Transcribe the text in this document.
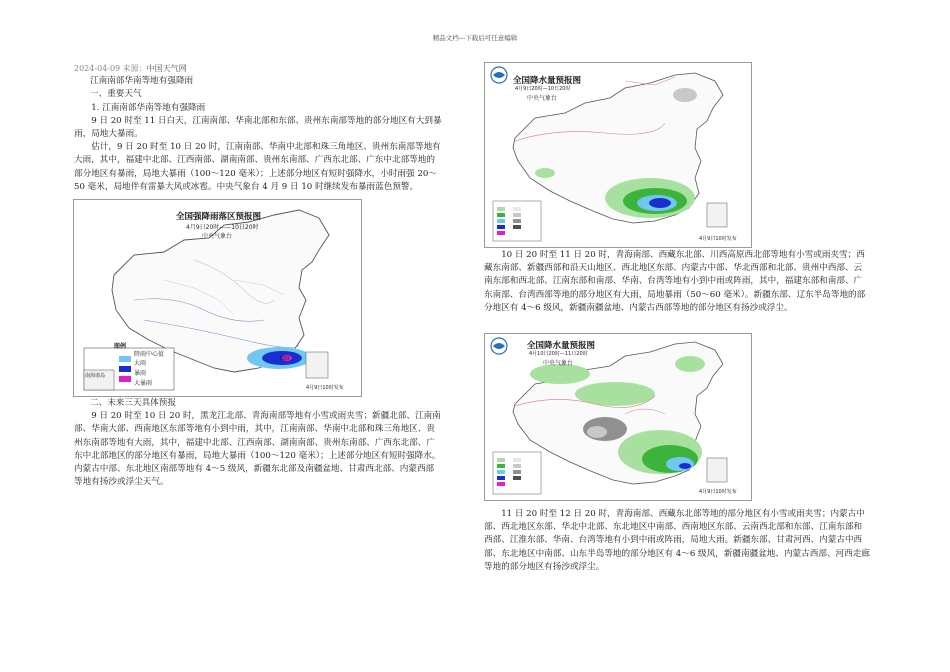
精品文档---下载后可任意编辑

2024-04-09 来源：中国天气网

江南南部华南等地有强降雨

一、重要天气

1. 江南南部华南等地有强降雨

9 日 20 时至 11 日白天，江南南部、华南北部和东部、贵州东南部等地的部分地区有大到暴雨，局地大暴雨。

估计，9 日 20 时至 10 日 20 时，江南南部、华南中北部和珠三角地区、贵州东南部等地有大雨，其中，福建中北部、江西南部、湖南南部、贵州东南部、广西东北部、广东中北部等地的部分地区有暴雨，局地大暴雨（100～120 毫米）；上述部分地区有短时强降水，小时雨强 20～50 毫米，局地伴有雷暴大风或冰雹。中央气象台 4 月 9 日 10 时继续发布暴雨蓝色预警。

100
全国强降雨落区预报图
4月9日20时——10日20时
中央气象台
图例
降雨中心值
大雨
暴雨
大暴雨
南海诸岛
4月9日10时发布

二、未来三天具体预报

9 日 20 时至 10 日 20 时，黑龙江北部、青海南部等地有小雪或雨夹雪；新疆北部、江南南部、华南大部、西南地区东部等地有小到中雨，其中，江南南部、华南中北部和珠三角地区、贵州东南部等地有大雨，其中，福建中北部、江西南部、湖南南部、贵州东南部、广西东北部、广东中北部地区的部分地区有暴雨，局地大暴雨（100～120 毫米）；上述部分地区有短时强降水。内蒙古中部、东北地区南部等地有 4～5 级风，新疆东北部及南疆盆地、甘肃西北部、内蒙西部等地有扬沙或浮尘天气。

全国降水量预报图
4月9日20时—10日20时
中央气象台
4月9日10时发布

10 日 20 时至 11 日 20 时，青海南部、西藏东北部、川西高原西北部等地有小雪或雨夹雪；西藏东南部、新疆西部和沿天山地区、西北地区东部、内蒙古中部、华北西部和北部、贵州中西部、云南东部和西北部、江南东部和南部、华南、台湾等地有小到中雨或阵雨，其中，福建东部和南部、广东南部、台湾西部等地的部分地区有大雨，局地暴雨（50～60 毫米）。新疆东部、辽东半岛等地的部分地区有 4～6 级风，新疆南疆盆地、内蒙古西部等地的部分地区有扬沙或浮尘。

全国降水量预报图
4月10日20时—11日20时
中央气象台
4月9日10时发布

11 日 20 时至 12 日 20 时，青海南部、西藏东北部等地的部分地区有小雪或雨夹雪；内蒙古中部、西北地区东部、华北中北部、东北地区中南部、西南地区东部、云南西北部和东部、江南东部和西部、江淮东部、华南、台湾等地有小到中雨或阵雨，局地大雨。新疆东部、甘肃河西、内蒙古中西部、东北地区中南部、山东半岛等地的部分地区有 4～6 级风，新疆南疆盆地、内蒙古西部、河西走廊等地的部分地区有扬沙或浮尘。
